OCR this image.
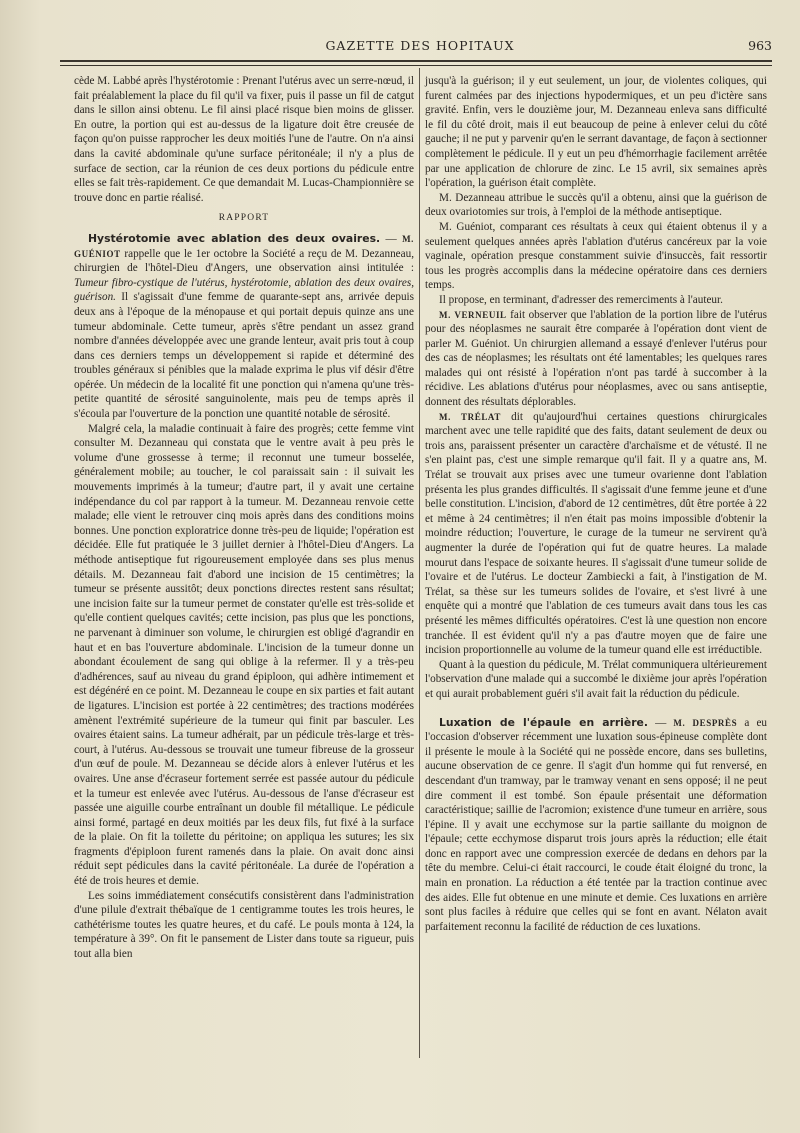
GAZETTE DES HOPITAUX	963

cède M. Labbé après l'hystérotomie : Prenant l'utérus avec un serre-nœud, il fait préalablement la place du fil qu'il va fixer, puis il passe un fil de catgut dans le sillon ainsi obtenu. Le fil ainsi placé risque bien moins de glisser. En outre, la portion qui est au-dessus de la ligature doit être creusée de façon qu'on puisse rapprocher les deux moitiés l'une de l'autre. On n'a ainsi dans la cavité abdominale qu'une surface péritonéale; il n'y a plus de surface de section, car la réunion de ces deux portions du pédicule entre elles se fait très-rapidement. Ce que demandait M. Lucas-Championnière se trouve donc en partie réalisé.

RAPPORT

Hystérotomie avec ablation des deux ovaires. — M. GUÉNIOT rappelle que le 1er octobre la Société a reçu de M. Dezanneau, chirurgien de l'hôtel-Dieu d'Angers, une observation ainsi intitulée : Tumeur fibro-cystique de l'utérus, hystérotomie, ablation des deux ovaires, guérison. Il s'agissait d'une femme de quarante-sept ans, arrivée depuis deux ans à l'époque de la ménopause et qui portait depuis quinze ans une tumeur abdominale. Cette tumeur, après s'être pendant un assez grand nombre d'années développée avec une grande lenteur, avait pris tout à coup dans ces derniers temps un développement si rapide et déterminé des troubles généraux si pénibles que la malade exprima le plus vif désir d'être opérée. Un médecin de la localité fit une ponction qui n'amena qu'une très-petite quantité de sérosité sanguinolente, mais peu de temps après il s'écoula par l'ouverture de la ponction une quantité notable de sérosité.

Malgré cela, la maladie continuait à faire des progrès; cette femme vint consulter M. Dezanneau qui constata que le ventre avait à peu près le volume d'une grossesse à terme; il reconnut une tumeur bosselée, généralement mobile; au toucher, le col paraissait sain : il suivait les mouvements imprimés à la tumeur; d'autre part, il y avait une certaine indépendance du col par rapport à la tumeur. M. Dezanneau renvoie cette malade; elle vient le retrouver cinq mois après dans des conditions moins bonnes. Une ponction exploratrice donne très-peu de liquide; l'opération est décidée. Elle fut pratiquée le 3 juillet dernier à l'hôtel-Dieu d'Angers. La méthode antiseptique fut rigoureusement employée dans ses plus menus détails. M. Dezanneau fait d'abord une incision de 15 centimètres; la tumeur se présente aussitôt; deux ponctions directes restent sans résultat; une incision faite sur la tumeur permet de constater qu'elle est très-solide et qu'elle contient quelques cavités; cette incision, pas plus que les ponctions, ne parvenant à diminuer son volume, le chirurgien est obligé d'agrandir en haut et en bas l'ouverture abdominale. L'incision de la tumeur donne un abondant écoulement de sang qui oblige à la refermer. Il y a très-peu d'adhérences, sauf au niveau du grand épiploon, qui adhère intimement et est dégénéré en ce point. M. Dezanneau le coupe en six parties et fait autant de ligatures. L'incision est portée à 22 centimètres; des tractions modérées amènent l'extrémité supérieure de la tumeur qui finit par basculer. Les ovaires étaient sains. La tumeur adhérait, par un pédicule très-large et très-court, à l'utérus. Au-dessous se trouvait une tumeur fibreuse de la grosseur d'un œuf de poule. M. Dezanneau se décide alors à enlever l'utérus et les ovaires. Une anse d'écraseur fortement serrée est passée autour du pédicule et la tumeur est enlevée avec l'utérus. Au-dessous de l'anse d'écraseur est passée une aiguille courbe entraînant un double fil métallique. Le pédicule ainsi formé, partagé en deux moitiés par les deux fils, fut fixé à la surface de la plaie. On fit la toilette du péritoine; on appliqua les sutures; les six fragments d'épiploon furent ramenés dans la plaie. On avait donc ainsi réduit sept pédicules dans la cavité péritonéale. La durée de l'opération a été de trois heures et demie.

Les soins immédiatement consécutifs consistèrent dans l'administration d'une pilule d'extrait thébaïque de 1 centigramme toutes les trois heures, le cathétérisme toutes les quatre heures, et du café. Le pouls monta à 124, la température à 39°. On fit le pansement de Lister dans toute sa rigueur, puis tout alla bien

jusqu'à la guérison; il y eut seulement, un jour, de violentes coliques, qui furent calmées par des injections hypodermiques, et un peu d'ictère sans gravité. Enfin, vers le douzième jour, M. Dezanneau enleva sans difficulté le fil du côté droit, mais il eut beaucoup de peine à enlever celui du côté gauche; il ne put y parvenir qu'en le serrant davantage, de façon à sectionner complètement le pédicule. Il y eut un peu d'hémorrhagie facilement arrêtée par une application de chlorure de zinc. Le 15 avril, six semaines après l'opération, la guérison était complète.

M. Dezanneau attribue le succès qu'il a obtenu, ainsi que la guérison de deux ovariotomies sur trois, à l'emploi de la méthode antiseptique.

M. Guéniot, comparant ces résultats à ceux qui étaient obtenus il y a seulement quelques années après l'ablation d'utérus cancéreux par la voie vaginale, opération presque constamment suivie d'insuccès, fait ressortir tous les progrès accomplis dans la médecine opératoire dans ces derniers temps.

Il propose, en terminant, d'adresser des remerciments à l'auteur.

M. VERNEUIL fait observer que l'ablation de la portion libre de l'utérus pour des néoplasmes ne saurait être comparée à l'opération dont vient de parler M. Guéniot. Un chirurgien allemand a essayé d'enlever l'utérus pour des cas de néoplasmes; les résultats ont été lamentables; les quelques rares malades qui ont résisté à l'opération n'ont pas tardé à succomber à la récidive. Les ablations d'utérus pour néoplasmes, avec ou sans antiseptie, donnent des résultats déplorables.

M. TRÉLAT dit qu'aujourd'hui certaines questions chirurgicales marchent avec une telle rapidité que des faits, datant seulement de deux ou trois ans, paraissent présenter un caractère d'archaïsme et de vétusté. Il ne s'en plaint pas, c'est une simple remarque qu'il fait. Il y a quatre ans, M. Trélat se trouvait aux prises avec une tumeur ovarienne dont l'ablation présenta les plus grandes difficultés. Il s'agissait d'une femme jeune et d'une belle constitution. L'incision, d'abord de 12 centimètres, dût être portée à 22 et même à 24 centimètres; il n'en était pas moins impossible d'obtenir la moindre réduction; l'ouverture, le curage de la tumeur ne servirent qu'à augmenter la durée de l'opération qui fut de quatre heures. La malade mourut dans l'espace de soixante heures. Il s'agissait d'une tumeur solide de l'ovaire et de l'utérus. Le docteur Zambiecki a fait, à l'instigation de M. Trélat, sa thèse sur les tumeurs solides de l'ovaire, et s'est livré à une enquête qui a montré que l'ablation de ces tumeurs avait dans tous les cas présenté les mêmes difficultés opératoires. C'est là une question non encore tranchée. Il est évident qu'il n'y a pas d'autre moyen que de faire une incision proportionnelle au volume de la tumeur quand elle est irréductible.

Quant à la question du pédicule, M. Trélat communiquera ultérieurement l'observation d'une malade qui a succombé le dixième jour après l'opération et qui aurait probablement guéri s'il avait fait la réduction du pédicule.

Luxation de l'épaule en arrière. — M. DESPRÈS a eu l'occasion d'observer récemment une luxation sous-épineuse complète dont il présente le moule à la Société qui ne possède encore, dans ses bulletins, aucune observation de ce genre. Il s'agit d'un homme qui fut renversé, en descendant d'un tramway, par le tramway venant en sens opposé; il ne peut dire comment il est tombé. Son épaule présentait une déformation caractéristique; saillie de l'acromion; existence d'une tumeur en arrière, sous l'épine. Il y avait une ecchymose sur la partie saillante du moignon de l'épaule; cette ecchymose disparut trois jours après la réduction; elle était donc en rapport avec une compression exercée de dedans en dehors par la tête du membre. Celui-ci était raccourci, le coude était éloigné du tronc, la main en pronation. La réduction a été tentée par la traction continue avec des aides. Elle fut obtenue en une minute et demie. Ces luxations en arrière sont plus faciles à réduire que celles qui se font en avant. Nélaton avait parfaitement reconnu la facilité de réduction de ces luxations.
